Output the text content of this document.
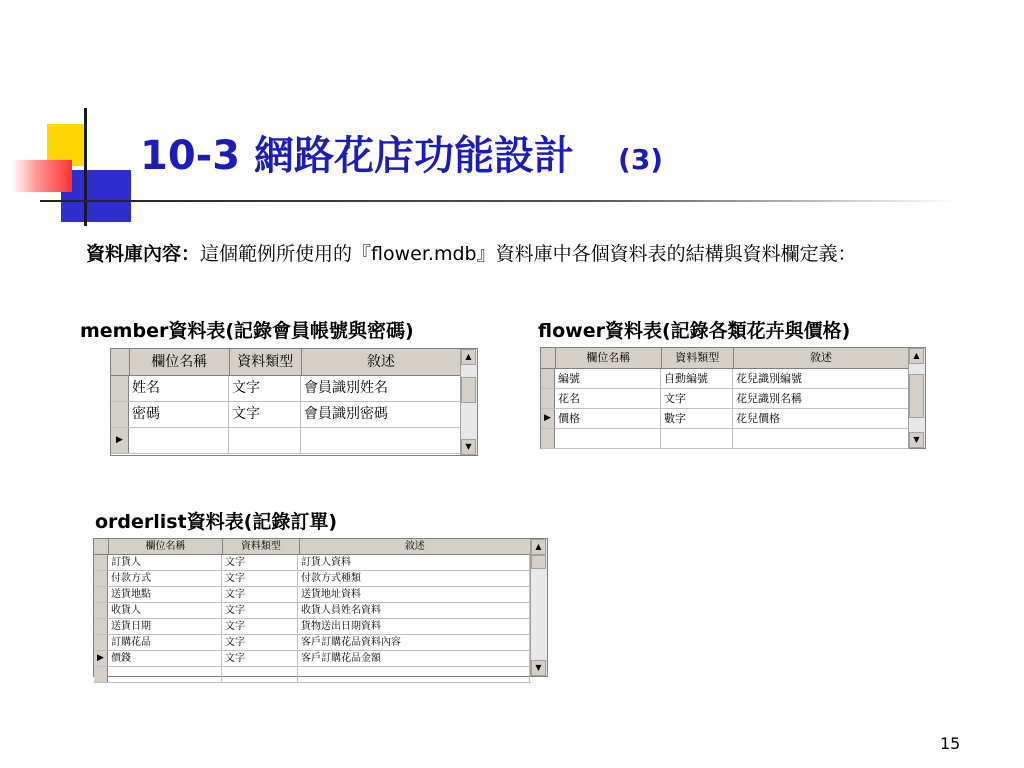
10-3 網路花店功能設計 (3)
資料庫內容：這個範例所使用的『flower.mdb』資料庫中各個資料表的結構與資料欄定義：
member資料表(記錄會員帳號與密碼)	flower資料表(記錄各類花卉與價格)
orderlist資料表(記錄訂單)
欄位名稱	資料類型	敘述
姓名	文字	會員識別姓名
密碼	文字	會員識別密碼
▶
▲
▼
欄位名稱	資料類型	敘述
編號	自動編號	花兒識別編號
花名	文字	花兒識別名稱
▶ 價格	數字	花兒價格
▲
▼
欄位名稱	資料類型	敘述
訂貨人	文字	訂貨人資料
付款方式	文字	付款方式種類
送貨地點	文字	送貨地址資料
收貨人	文字	收貨人員姓名資料
送貨日期	文字	貨物送出日期資料
訂購花品	文字	客戶訂購花品資料內容
▶ 價錢	文字	客戶訂購花品金額
▲
▼
15
